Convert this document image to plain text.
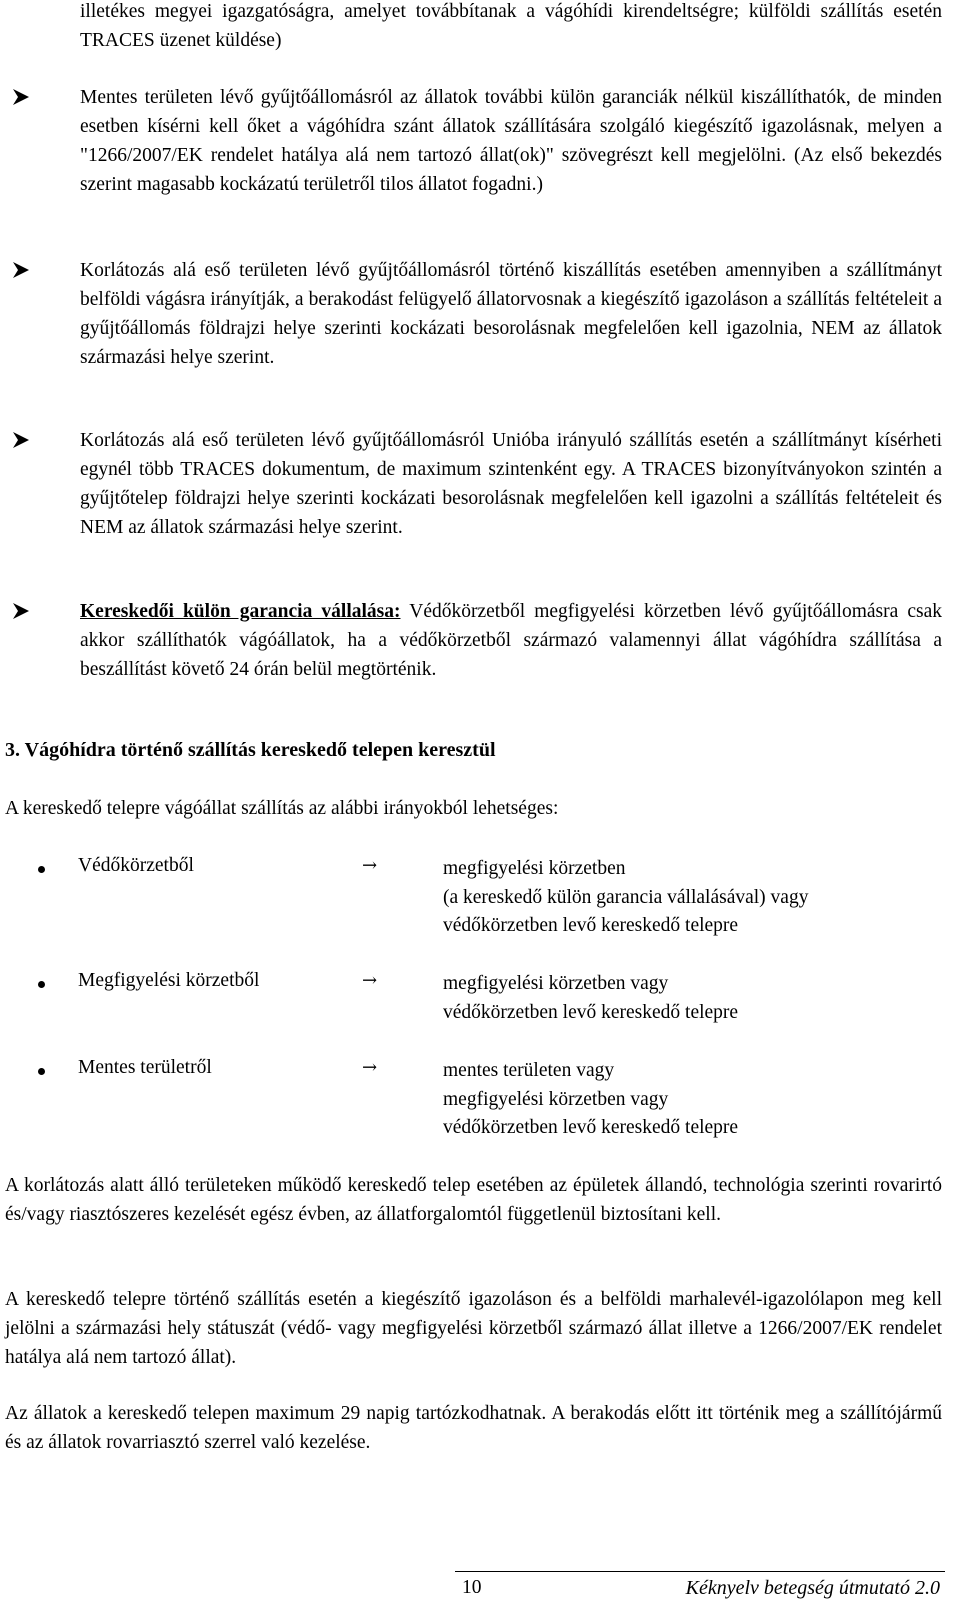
illetékes megyei igazgatóságra, amelyet továbbítanak a vágóhídi kirendeltségre; külföldi szállítás esetén TRACES üzenet küldése)

Mentes területen lévő gyűjtőállomásról az állatok további külön garanciák nélkül kiszállíthatók, de minden esetben kísérni kell őket a vágóhídra szánt állatok szállítására szolgáló kiegészítő igazolásnak, melyen a "1266/2007/EK rendelet hatálya alá nem tartozó állat(ok)" szövegrészt kell megjelölni. (Az első bekezdés szerint magasabb kockázatú területről tilos állatot fogadni.)

Korlátozás alá eső területen lévő gyűjtőállomásról történő kiszállítás esetében amennyiben a szállítmányt belföldi vágásra irányítják, a berakodást felügyelő állatorvosnak a kiegészítő igazoláson a szállítás feltételeit a gyűjtőállomás földrajzi helye szerinti kockázati besorolásnak megfelelően kell igazolnia, NEM az állatok származási helye szerint.

Korlátozás alá eső területen lévő gyűjtőállomásról Unióba irányuló szállítás esetén a szállítmányt kísérheti egynél több TRACES dokumentum, de maximum szintenként egy. A TRACES bizonyítványokon szintén a gyűjtőtelep földrajzi helye szerinti kockázati besorolásnak megfelelően kell igazolni a szállítás feltételeit és NEM az állatok származási helye szerint.

Kereskedői külön garancia vállalása: Védőkörzetből megfigyelési körzetben lévő gyűjtőállomásra csak akkor szállíthatók vágóállatok, ha a védőkörzetből származó valamennyi állat vágóhídra szállítása a beszállítást követő 24 órán belül megtörténik.

3. Vágóhídra történő szállítás kereskedő telepen keresztül

A kereskedő telepre vágóállat szállítás az alábbi irányokból lehetséges:

Védőkörzetből	→	megfigyelési körzetben
(a kereskedő külön garancia vállalásával) vagy
védőkörzetben levő kereskedő telepre
Megfigyelési körzetből	→	megfigyelési körzetben vagy
védőkörzetben levő kereskedő telepre
Mentes területről	→	mentes területen vagy
megfigyelési körzetben vagy
védőkörzetben levő kereskedő telepre

A korlátozás alatt álló területeken működő kereskedő telep esetében az épületek állandó, technológia szerinti rovarirtó és/vagy riasztószeres kezelését egész évben, az állatforgalomtól függetlenül biztosítani kell.

A kereskedő telepre történő szállítás esetén a kiegészítő igazoláson és a belföldi marhalevél-igazolólapon meg kell jelölni a származási hely státuszát (védő- vagy megfigyelési körzetből származó állat illetve a 1266/2007/EK rendelet hatálya alá nem tartozó állat).

Az állatok a kereskedő telepen maximum 29 napig tartózkodhatnak. A berakodás előtt itt történik meg a szállítójármű és az állatok rovarriasztó szerrel való kezelése.

10	Kéknyelv betegség útmutató 2.0
